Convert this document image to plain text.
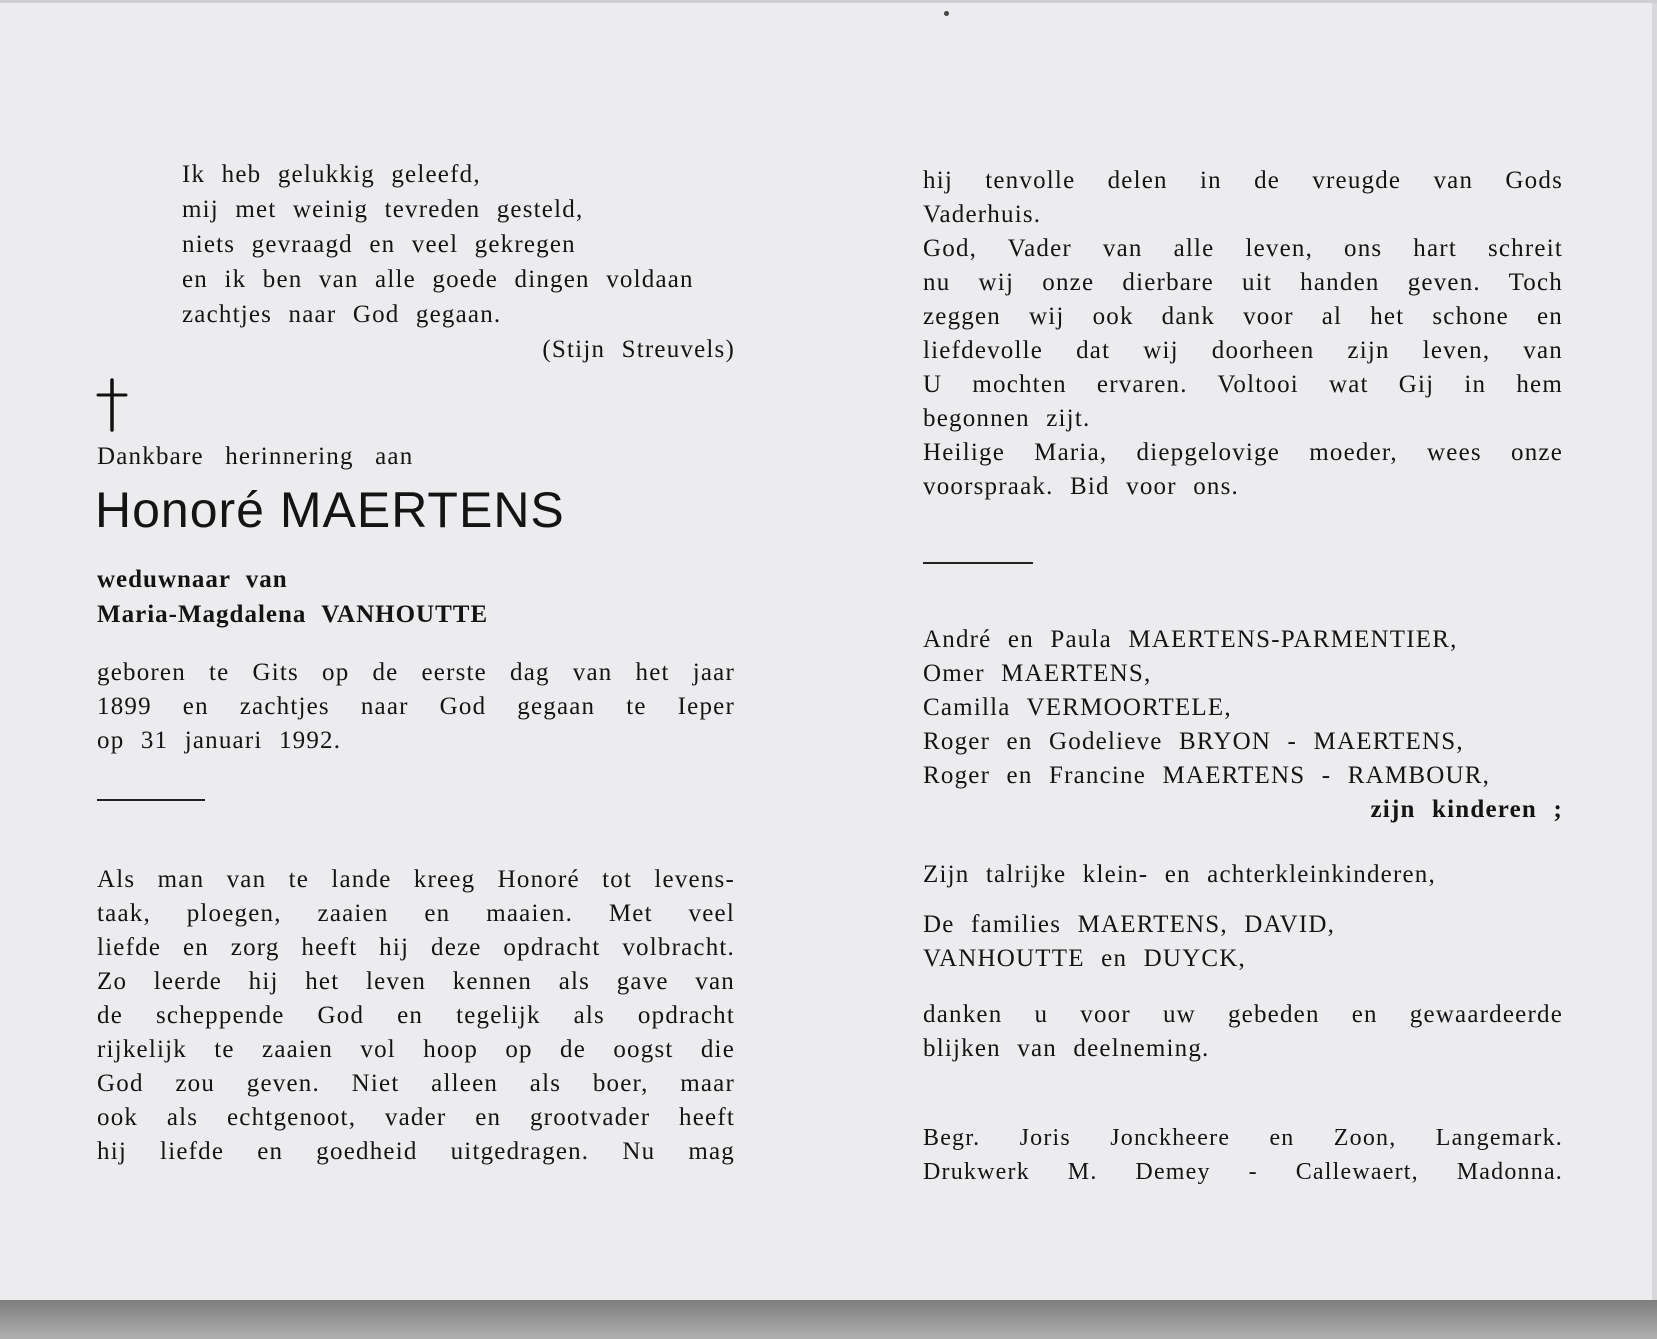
Ik heb gelukkig geleefd,
mij met weinig tevreden gesteld,
niets gevraagd en veel gekregen
en ik ben van alle goede dingen voldaan
zachtjes naar God gegaan.
(Stijn Streuvels)
Dankbare herinnering aan
Honoré MAERTENS
weduwnaar van
Maria-Magdalena VANHOUTTE
geboren te Gits op de eerste dag van het jaar
1899 en zachtjes naar God gegaan te Ieper
op 31 januari 1992.
Als man van te lande kreeg Honoré tot levens-
taak, ploegen, zaaien en maaien. Met veel
liefde en zorg heeft hij deze opdracht volbracht.
Zo leerde hij het leven kennen als gave van
de scheppende God en tegelijk als opdracht
rijkelijk te zaaien vol hoop op de oogst die
God zou geven. Niet alleen als boer, maar
ook als echtgenoot, vader en grootvader heeft
hij liefde en goedheid uitgedragen. Nu mag
hij tenvolle delen in de vreugde van Gods
Vaderhuis.
God, Vader van alle leven, ons hart schreit
nu wij onze dierbare uit handen geven. Toch
zeggen wij ook dank voor al het schone en
liefdevolle dat wij doorheen zijn leven, van
U mochten ervaren. Voltooi wat Gij in hem
begonnen zijt.
Heilige Maria, diepgelovige moeder, wees onze
voorspraak. Bid voor ons.
André en Paula MAERTENS-PARMENTIER,
Omer MAERTENS,
Camilla VERMOORTELE,
Roger en Godelieve BRYON - MAERTENS,
Roger en Francine MAERTENS - RAMBOUR,
zijn kinderen ;
Zijn talrijke klein- en achterkleinkinderen,
De families MAERTENS, DAVID,
VANHOUTTE en DUYCK,
danken u voor uw gebeden en gewaardeerde
blijken van deelneming.
Begr. Joris Jonckheere en Zoon, Langemark.
Drukwerk M. Demey - Callewaert, Madonna.
